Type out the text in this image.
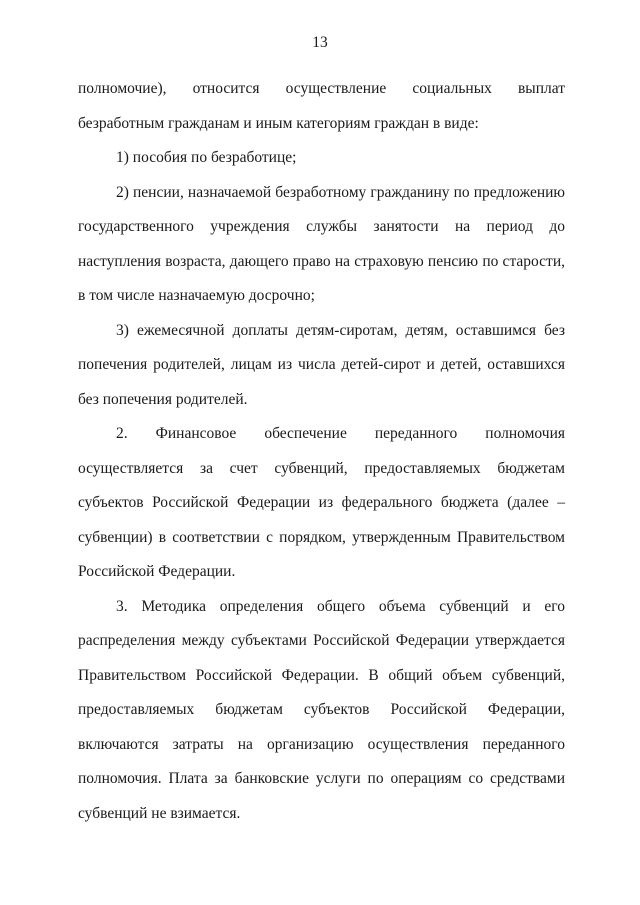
13

полномочие), относится осуществление социальных выплат безработным гражданам и иным категориям граждан в виде:

1) пособия по безработице;

2) пенсии, назначаемой безработному гражданину по предложению государственного учреждения службы занятости на период до наступления возраста, дающего право на страховую пенсию по старости, в том числе назначаемую досрочно;

3) ежемесячной доплаты детям-сиротам, детям, оставшимся без попечения родителей, лицам из числа детей-сирот и детей, оставшихся без попечения родителей.

2. Финансовое обеспечение переданного полномочия осуществляется за счет субвенций, предоставляемых бюджетам субъектов Российской Федерации из федерального бюджета (далее – субвенции) в соответствии с порядком, утвержденным Правительством Российской Федерации.

3. Методика определения общего объема субвенций и его распределения между субъектами Российской Федерации утверждается Правительством Российской Федерации. В общий объем субвенций, предоставляемых бюджетам субъектов Российской Федерации, включаются затраты на организацию осуществления переданного полномочия. Плата за банковские услуги по операциям со средствами субвенций не взимается.
